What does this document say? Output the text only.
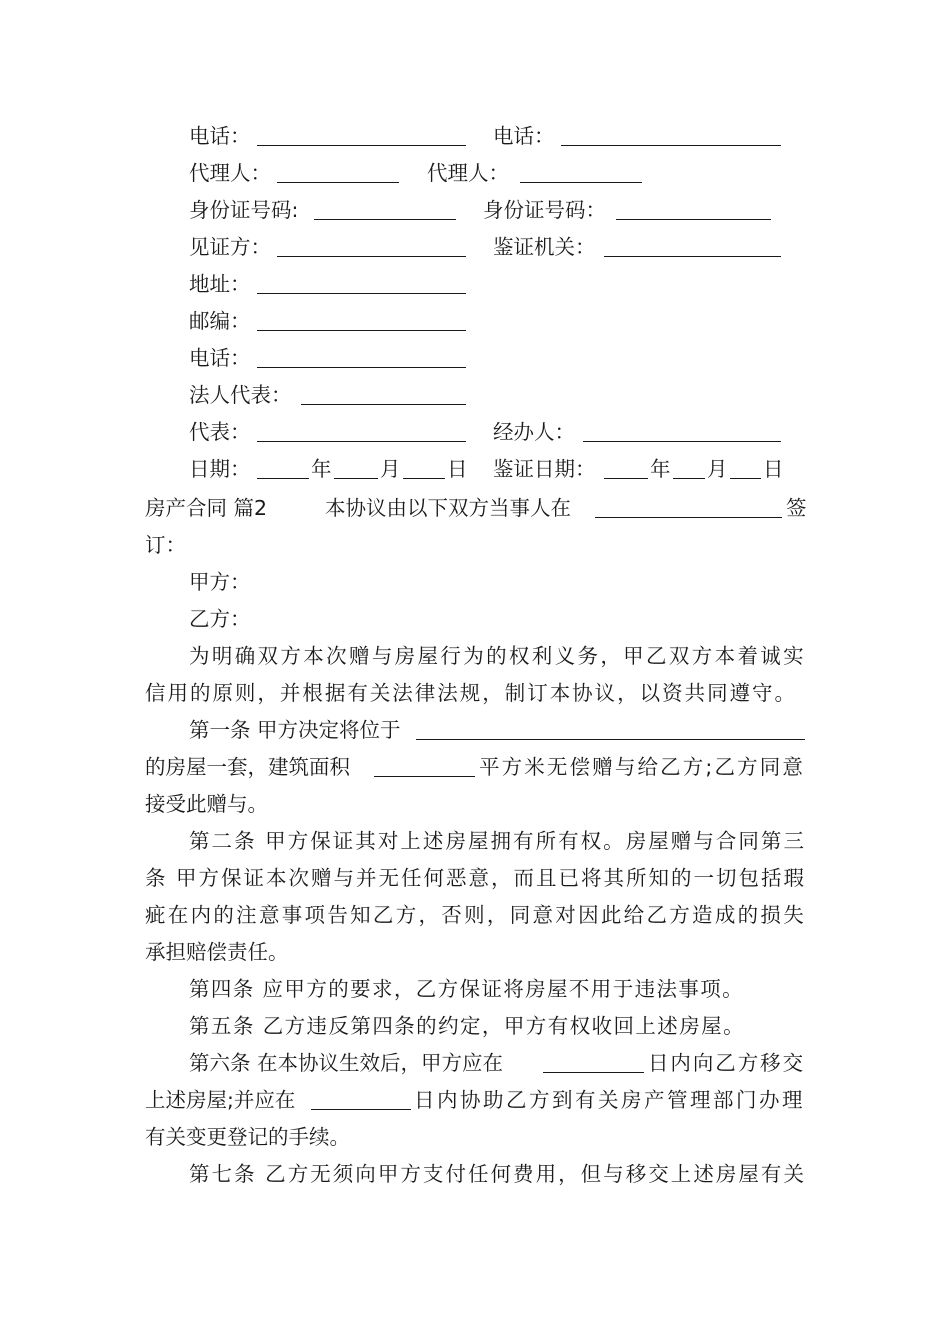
电话：	电话：
代理人：	代理人：
身份证号码:	身份证号码：
见证方：	鉴证机关：
地址：
邮编：
电话：
法人代表：
代表：	经办人：
日期：	年 月 日 鉴证日期：	年 月 日
房产合同 篇2	本协议由以下双方当事人在	签
订：
甲方：
乙方：
为明确双方本次赠与房屋行为的权利义务，甲乙双方本着诚实
信用的原则，并根据有关法律法规，制订本协议，以资共同遵守。
第一条 甲方决定将位于
的房屋一套，建筑面积	平方米无偿赠与给乙方;乙方同意
接受此赠与。
第二条 甲方保证其对上述房屋拥有所有权。房屋赠与合同第三
条 甲方保证本次赠与并无任何恶意，而且已将其所知的一切包括瑕
疵在内的注意事项告知乙方，否则，同意对因此给乙方造成的损失
承担赔偿责任。
第四条 应甲方的要求，乙方保证将房屋不用于违法事项。
第五条 乙方违反第四条的约定，甲方有权收回上述房屋。
第六条 在本协议生效后，甲方应在	日内向乙方移交
上述房屋;并应在	日内协助乙方到有关房产管理部门办理
有关变更登记的手续。
第七条 乙方无须向甲方支付任何费用，但与移交上述房屋有关
